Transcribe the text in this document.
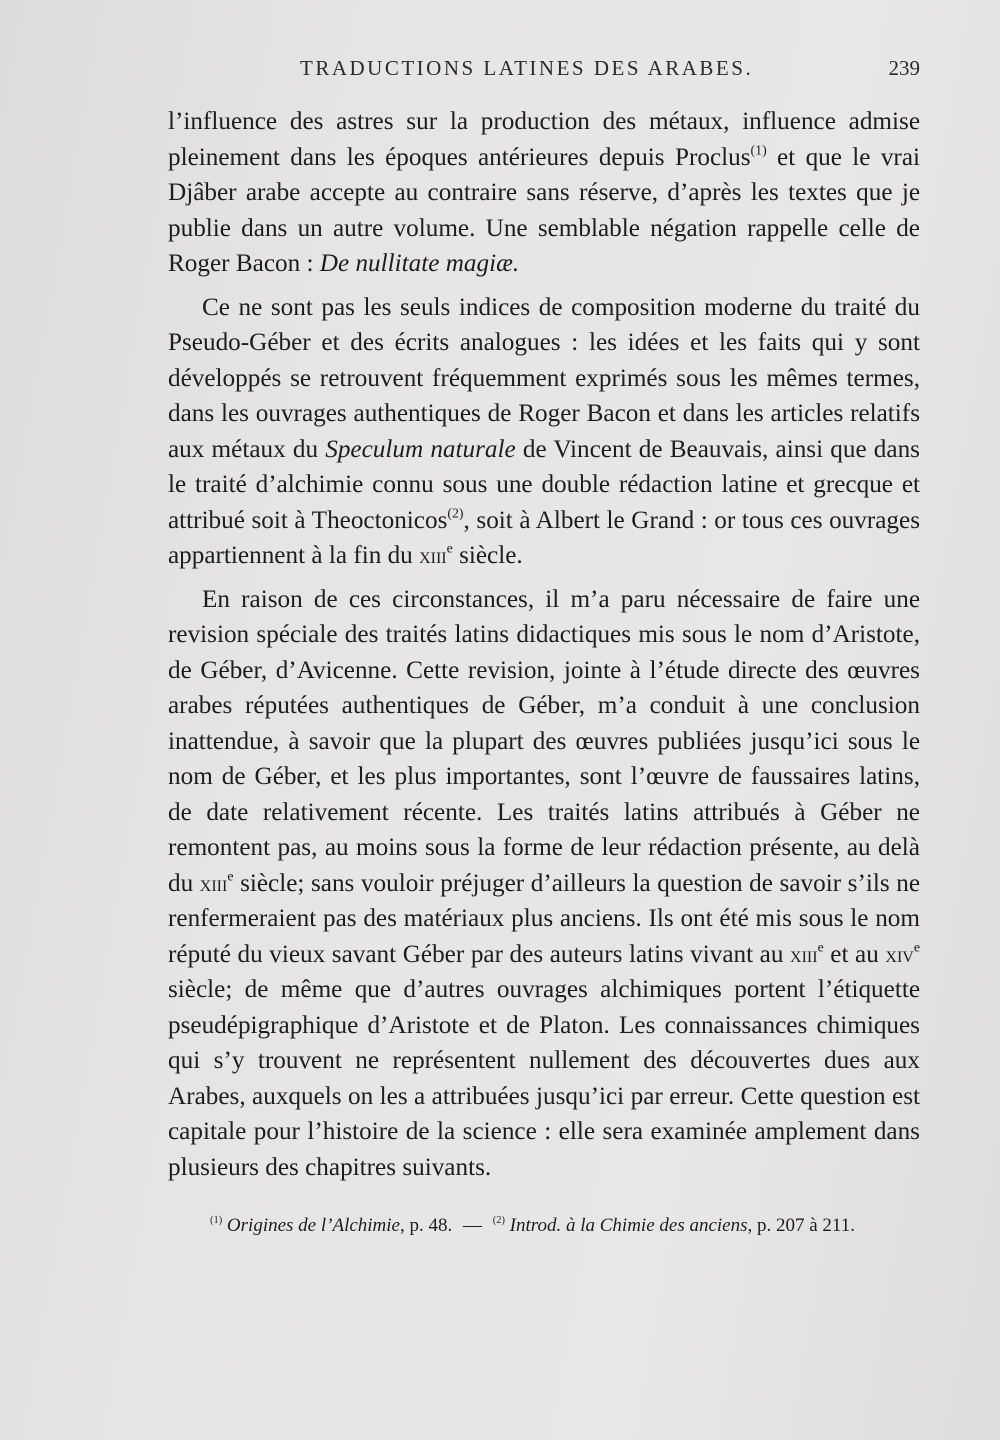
TRADUCTIONS LATINES DES ARABES.	239

l’influence des astres sur la production des métaux, influence admise pleinement dans les époques antérieures depuis Proclus$^{(1)}$ et que le vrai Djâber arabe accepte au contraire sans réserve, d’après les textes que je publie dans un autre volume. Une semblable négation rappelle celle de Roger Bacon : De nullitate magiæ.

Ce ne sont pas les seuls indices de composition moderne du traité du Pseudo-Géber et des écrits analogues : les idées et les faits qui y sont développés se retrouvent fréquemment exprimés sous les mêmes termes, dans les ouvrages authentiques de Roger Bacon et dans les articles relatifs aux métaux du Speculum naturale de Vincent de Beauvais, ainsi que dans le traité d’alchimie connu sous une double rédaction latine et grecque et attribué soit à Theoctonicos$^{(2)}$, soit à Albert le Grand : or tous ces ouvrages appartiennent à la fin du xiii$^e$ siècle.

En raison de ces circonstances, il m’a paru nécessaire de faire une revision spéciale des traités latins didactiques mis sous le nom d’Aristote, de Géber, d’Avicenne. Cette revision, jointe à l’étude directe des œuvres arabes réputées authentiques de Géber, m’a conduit à une conclusion inattendue, à savoir que la plupart des œuvres publiées jusqu’ici sous le nom de Géber, et les plus importantes, sont l’œuvre de faussaires latins, de date relativement récente. Les traités latins attribués à Géber ne remontent pas, au moins sous la forme de leur rédaction présente, au delà du xiii$^e$ siècle; sans vouloir préjuger d’ailleurs la question de savoir s’ils ne renfermeraient pas des matériaux plus anciens. Ils ont été mis sous le nom réputé du vieux savant Géber par des auteurs latins vivant au xiii$^e$ et au xiv$^e$ siècle; de même que d’autres ouvrages alchimiques portent l’étiquette pseudépigraphique d’Aristote et de Platon. Les connaissances chimiques qui s’y trouvent ne représentent nullement des découvertes dues aux Arabes, auxquels on les a attribuées jusqu’ici par erreur. Cette question est capitale pour l’histoire de la science : elle sera examinée amplement dans plusieurs des chapitres suivants.

$^{(1)}$ Origines de l’Alchimie, p. 48. — $^{(2)}$ Introd. à la Chimie des anciens, p. 207 à 211.
